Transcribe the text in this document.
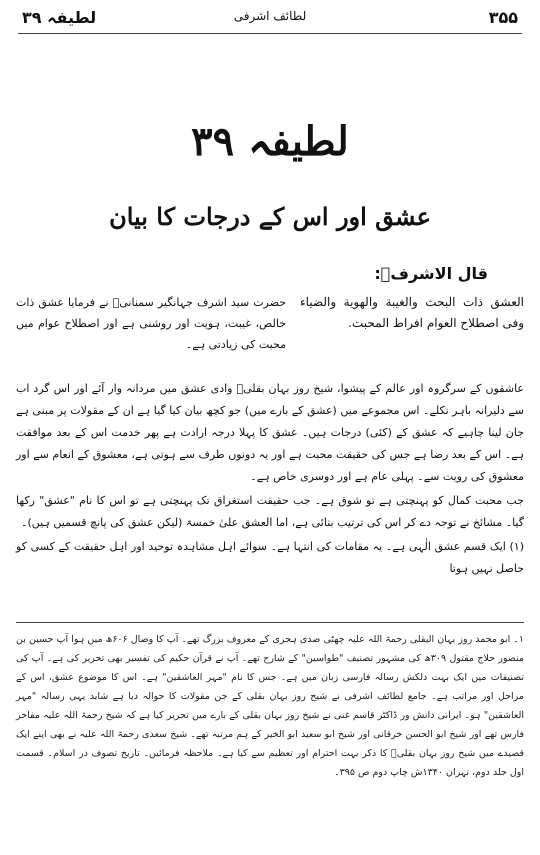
لطیفہ ۳۹	لطائف اشرفی	۳۵۵
لطیفہ ۳۹
عشق اور اس کے درجات کا بیان
قال الاشرفؒ:
العشق ذات البحث والغيبة والهوية والضياء وفی اصطلاح العوام افراط المحبت.
حضرت سید اشرف جہانگیر سمنانیؒ نے فرمایا عشق ذات خالص، غیبت، ہویت اور روشنی ہے اور اصطلاح عوام میں محبت کی زیادتی ہے۔

عاشقوں کے سرگروہ اور عالم کے پیشوا، شیخ روز بہان بقلیؒ وادی عشق میں مردانہ وار آئے اور اس گرد اب سے دلیرانہ باہر نکلے۔ اس مجموعے میں (عشق کے بارے میں) جو کچھ بیان کیا گیا ہے ان کے مقولات پر مبنی ہے جان لینا چاہیے کہ عشق کے (کئی) درجات ہیں۔ عشق کا پہلا درجہ ارادت ہے پھر خدمت اس کے بعد موافقت ہے۔ اس کے بعد رضا ہے جس کی حقیقت محبت ہے اور یہ دونوں طرف سے ہوتی ہے، معشوق کے انعام سے اور معشوق کی رویت سے۔ پہلی عام ہے اور دوسری خاص ہے۔

جب محبت کمال کو پہنچتی ہے تو شوق ہے۔ جب حقیقت استغراق تک پہنچتی ہے تو اس کا نام "عشق" رکھا گیا۔ مشائخ نے توجہ دے کر اس کی ترتیب بتائی ہے، اما العشق علیٰ خمسۃ (لیکن عشق کی پانچ قسمیں ہیں)۔

(۱) ایک قسم عشق الٰہی ہے۔ یہ مقامات کی انتہا ہے۔ سوائے اہل مشاہدہ توحید اور اہل حقیقت کے کسی کو حاصل نہیں ہوتا

۱۔ ابو محمد روز بہان البقلی رحمۃ اللہ علیہ چھٹی صدی ہجری کے معروف بزرگ تھے۔ آپ کا وصال ۶۰۶ھ میں ہوا آپ حسین بن منصور حلاج مقتول ۳۰۹ھ کی مشہور تصنیف "طواسین" کے شارح تھے۔ آپ نے قرآن حکیم کی تفسیر بھی تحریر کی ہے۔ آپ کی تصنیفات میں ایک بہت دلکش رسالہ فارسی زبان میں ہے۔ جس کا نام "مہر العاشقین" ہے۔ اس کا موضوع عشق، اس کے مراحل اور مراتب ہے۔ جامع لطائف اشرفی نے شیخ روز بہان بقلی کے جن مقولات کا حوالہ دیا ہے شاید یہی رسالہ "مہر العاشقین" ہو۔ ایرانی دانش ور ڈاکٹر قاسم غنی نے شیخ روز بہان بقلی کے بارے میں تحریر کیا ہے کہ شیخ رحمۃ اللہ علیہ مفاخر فارس تھے اور شیخ ابو الحسن خرقانی اور شیخ ابو سعید ابو الخیر کے ہم مرتبہ تھے۔ شیخ سعدی رحمۃ اللہ علیہ نے بھی اپنے ایک قصیدے میں شیخ روز بہان بقلیؒ کا ذکر بہت احترام اور تعظیم سے کیا ہے۔ ملاحظہ فرمائیں۔ تاریخ تصوف در اسلام۔ قسمت اول جلد دوم، تہران ۱۳۴۰ش چاپ دوم ص ۳۹۵۔
